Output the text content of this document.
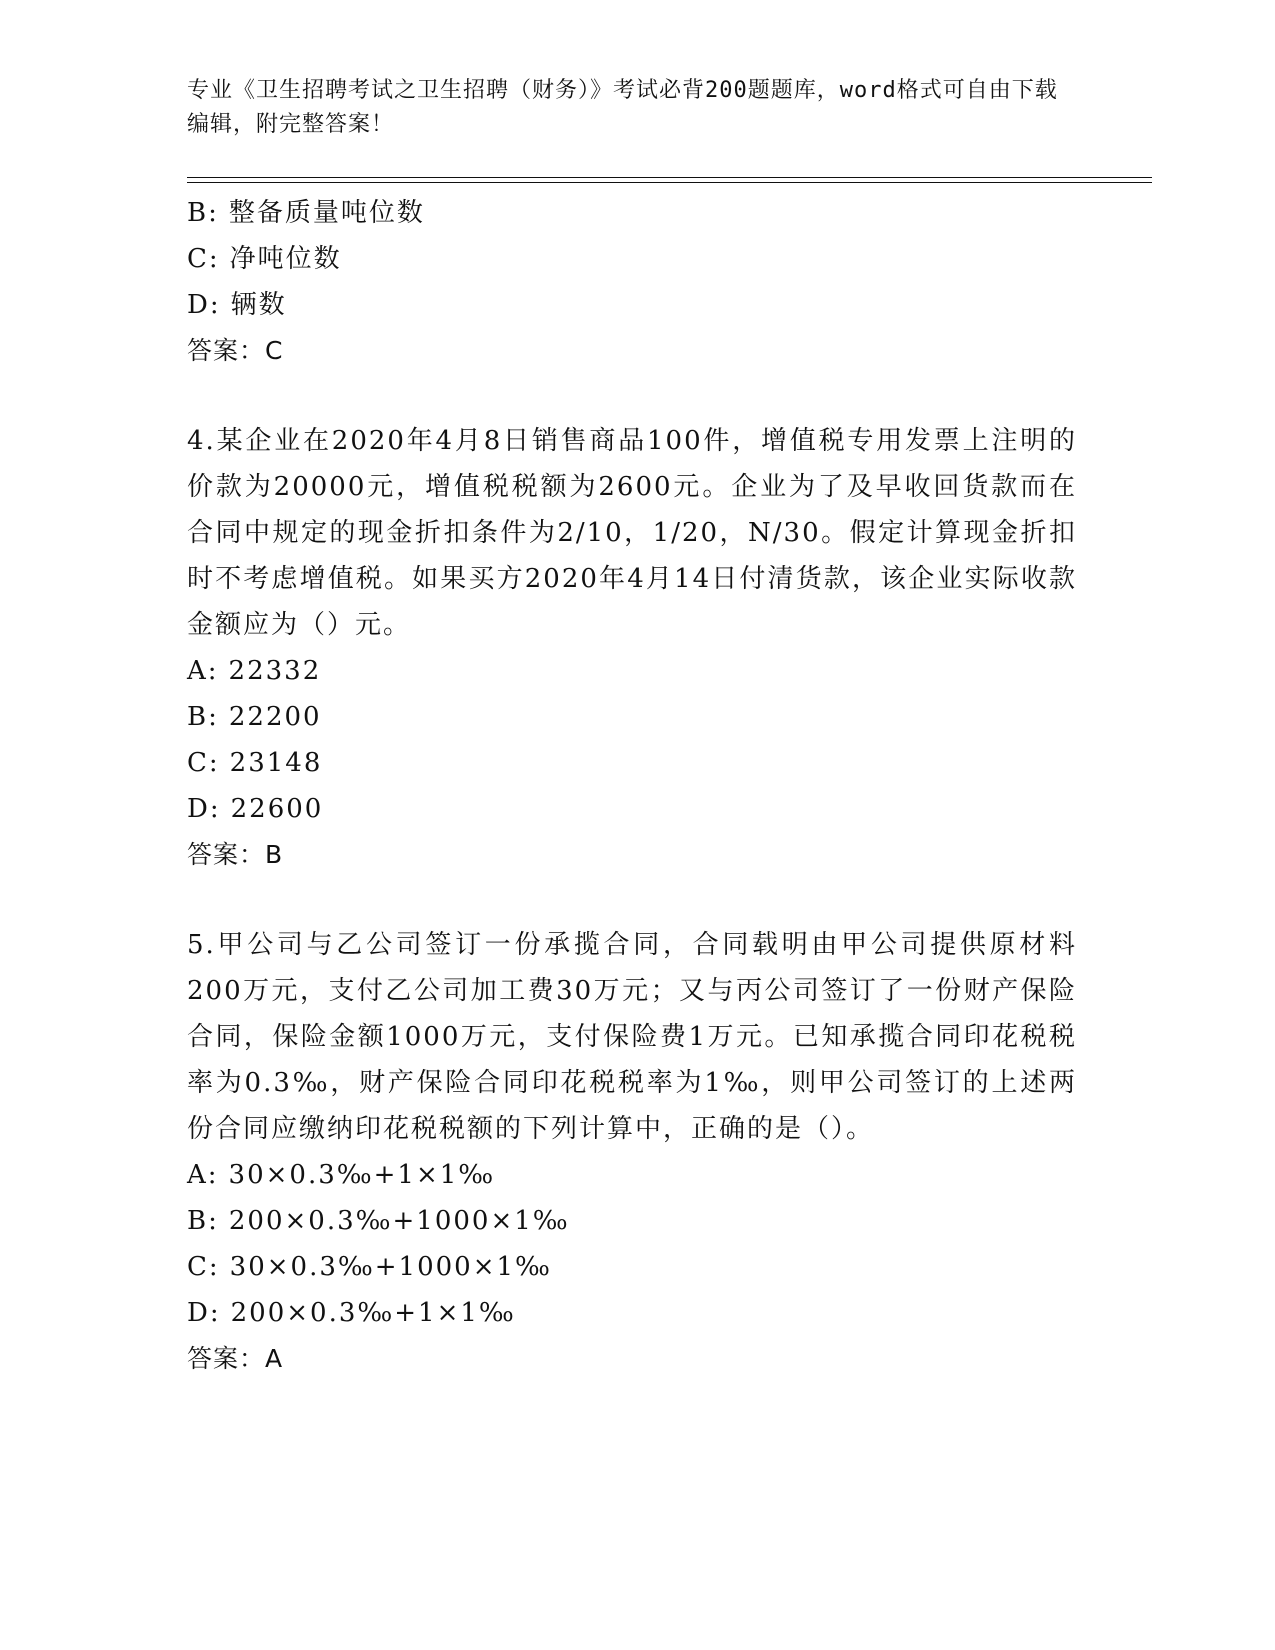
专业《卫生招聘考试之卫生招聘（财务）》考试必背200题题库，word格式可自由下载编辑，附完整答案！
B: 整备质量吨位数
C: 净吨位数
D: 辆数
答案：C
4.某企业在2020年4月8日销售商品100件，增值税专用发票上注明的价款为20000元，增值税税额为2600元。企业为了及早收回货款而在合同中规定的现金折扣条件为2/10，1/20，N/30。假定计算现金折扣时不考虑增值税。如果买方2020年4月14日付清货款，该企业实际收款金额应为（）元。
A: 22332
B: 22200
C: 23148
D: 22600
答案：B
5.甲公司与乙公司签订一份承揽合同，合同载明由甲公司提供原材料200万元，支付乙公司加工费30万元；又与丙公司签订了一份财产保险合同，保险金额1000万元，支付保险费1万元。已知承揽合同印花税税率为0.3‰，财产保险合同印花税税率为1‰，则甲公司签订的上述两份合同应缴纳印花税税额的下列计算中，正确的是（）。
A: 30×0.3‰+1×1‰
B: 200×0.3‰+1000×1‰
C: 30×0.3‰+1000×1‰
D: 200×0.3‰+1×1‰
答案：A
